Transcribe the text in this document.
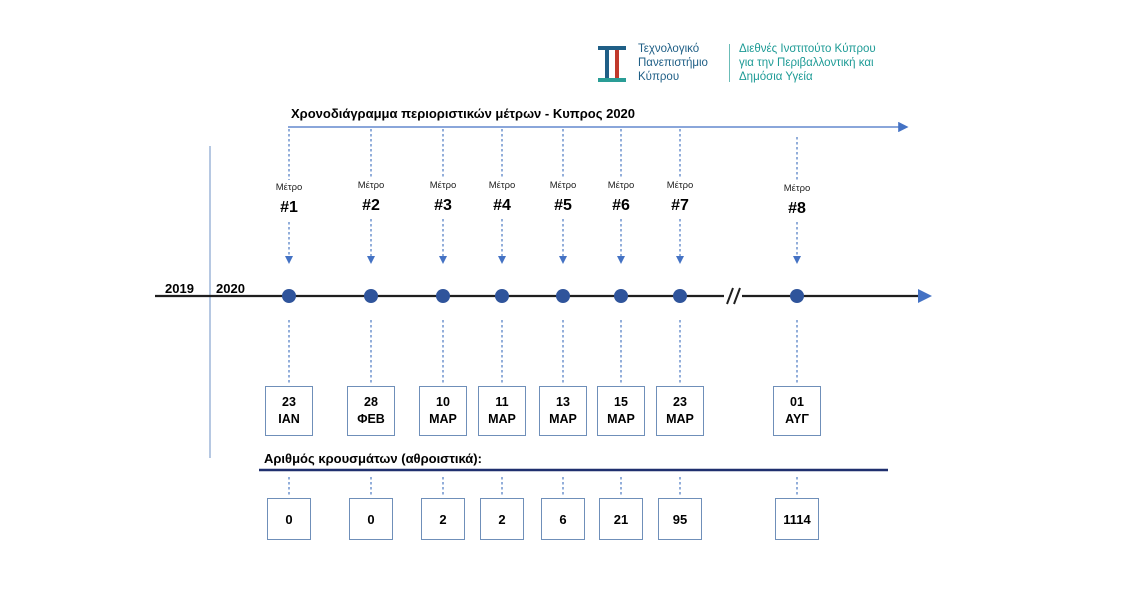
Τεχνολογικό
Πανεπιστήμιο
Κύπρου
Διεθνές Ινστιτούτο Κύπρου
για την Περιβαλλοντική και
Δημόσια Υγεία
Χρονοδιάγραμμα περιοριστικών μέτρων - Κυπρος 2020
2019 2020
Αριθμός κρουσμάτων (αθροιστικά):
Μέτρο
#1
23
ΙΑΝ
0
Μέτρο
#2
28
ΦΕΒ
0
Μέτρο
#3
10
ΜΑΡ
2
Μέτρο
#4
11
ΜΑΡ
2
Μέτρο
#5
13
ΜΑΡ
6
Μέτρο
#6
15
ΜΑΡ
21
Μέτρο
#7
23
ΜΑΡ
95
Μέτρο
#8
01
ΑΥΓ
1114
